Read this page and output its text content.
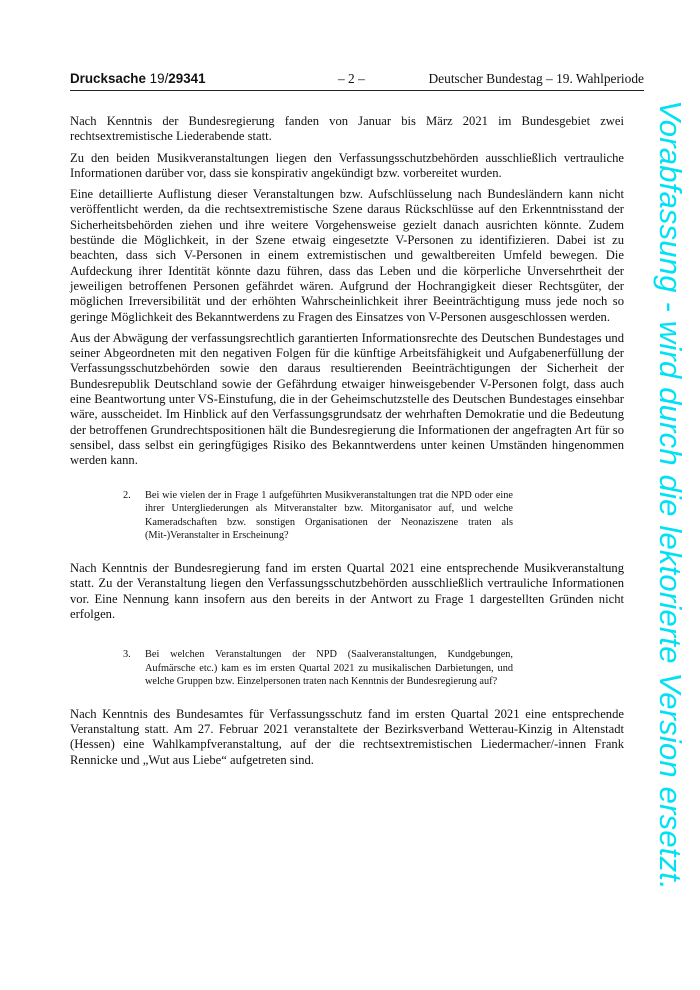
Drucksache 19/29341	– 2 –	Deutscher Bundestag – 19. Wahlperiode

Nach Kenntnis der Bundesregierung fanden von Januar bis März 2021 im Bundesgebiet zwei rechtsextremistische Liederabende statt.

Zu den beiden Musikveranstaltungen liegen den Verfassungsschutzbehörden ausschließlich vertrauliche Informationen darüber vor, dass sie konspirativ angekündigt bzw. vorbereitet wurden.

Eine detaillierte Auflistung dieser Veranstaltungen bzw. Aufschlüsselung nach Bundesländern kann nicht veröffentlicht werden, da die rechtsextremistische Szene daraus Rückschlüsse auf den Erkenntnisstand der Sicherheitsbehörden ziehen und ihre weitere Vorgehensweise gezielt danach ausrichten könnte. Zudem bestünde die Möglichkeit, in der Szene etwaig eingesetzte V-Personen zu identifizieren. Dabei ist zu beachten, dass sich V-Personen in einem extremistischen und gewaltbereiten Umfeld bewegen. Die Aufdeckung ihrer Identität könnte dazu führen, dass das Leben und die körperliche Unversehrtheit der jeweiligen betroffenen Personen gefährdet wären. Aufgrund der Hochrangigkeit dieser Rechtsgüter, der möglichen Irreversibilität und der erhöhten Wahrscheinlichkeit ihrer Beeinträchtigung muss jede noch so geringe Möglichkeit des Bekanntwerdens zu Fragen des Einsatzes von V-Personen ausgeschlossen werden.

Aus der Abwägung der verfassungsrechtlich garantierten Informationsrechte des Deutschen Bundestages und seiner Abgeordneten mit den negativen Folgen für die künftige Arbeitsfähigkeit und Aufgabenerfüllung der Verfassungsschutzbehörden sowie den daraus resultierenden Beeinträchtigungen der Sicherheit der Bundesrepublik Deutschland sowie der Gefährdung etwaiger hinweisgebender V-Personen folgt, dass auch eine Beantwortung unter VS-Einstufung, die in der Geheimschutzstelle des Deutschen Bundestages einsehbar wäre, ausscheidet. Im Hinblick auf den Verfassungsgrundsatz der wehrhaften Demokratie und die Bedeutung der betroffenen Grundrechtspositionen hält die Bundesregierung die Informationen der angefragten Art für so sensibel, dass selbst ein geringfügiges Risiko des Bekanntwerdens unter keinen Umständen hingenommen werden kann.

2.	Bei wie vielen der in Frage 1 aufgeführten Musikveranstaltungen trat die NPD oder eine ihrer Untergliederungen als Mitveranstalter bzw. Mitorganisator auf, und welche Kameradschaften bzw. sonstigen Organisationen der Neonaziszene traten als (Mit-)Veranstalter in Erscheinung?

Nach Kenntnis der Bundesregierung fand im ersten Quartal 2021 eine entsprechende Musikveranstaltung statt. Zu der Veranstaltung liegen den Verfassungsschutzbehörden ausschließlich vertrauliche Informationen vor. Eine Nennung kann insofern aus den bereits in der Antwort zu Frage 1 dargestellten Gründen nicht erfolgen.

3.	Bei welchen Veranstaltungen der NPD (Saalveranstaltungen, Kundgebungen, Aufmärsche etc.) kam es im ersten Quartal 2021 zu musikalischen Darbietungen, und welche Gruppen bzw. Einzelpersonen traten nach Kenntnis der Bundesregierung auf?

Nach Kenntnis des Bundesamtes für Verfassungsschutz fand im ersten Quartal 2021 eine entsprechende Veranstaltung statt. Am 27. Februar 2021 veranstaltete der Bezirksverband Wetterau-Kinzig in Altenstadt (Hessen) eine Wahlkampfveranstaltung, auf der die rechtsextremistischen Liedermacher/-innen Frank Rennicke und „Wut aus Liebe“ aufgetreten sind.	Vorabfassung - wird durch die lektorierte Version ersetzt.
